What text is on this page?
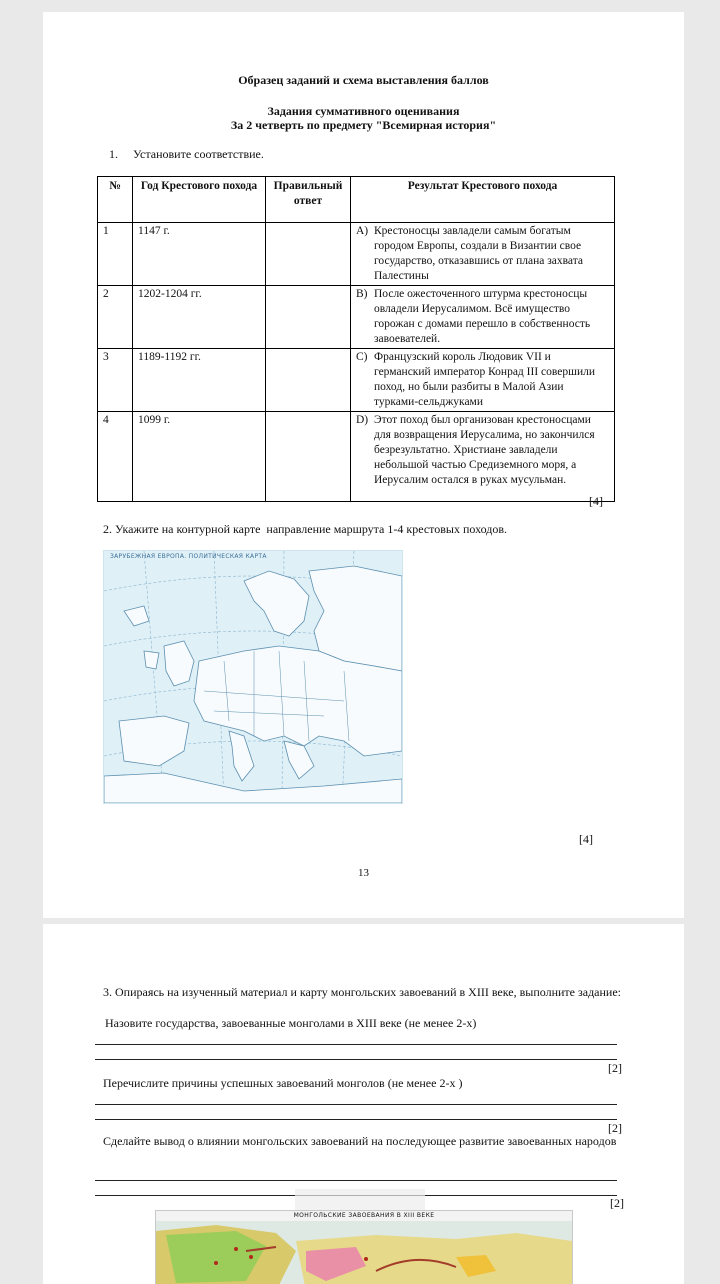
Образец заданий и схема выставления баллов
Задания суммативного оценивания
За 2 четверть по предмету "Всемирная история"
1.     Установите соответствие.
№	Год Крестового похода	Правильный ответ	Результат Крестового похода
1	1147 г.		A) Крестоносцы завладели самым богатым городом Европы, создали в Византии свое государство, отказавшись от плана захвата Палестины

2	1202-1204 гг.		B) После ожесточенного штурма крестоносцы овладели Иерусалимом. Всё имущество горожан с домами перешло в собственность завоевателей.

3	1189-1192 гг.		C) Французский король Людовик VII и германский император Конрад III совершили поход, но были разбиты в Малой Азии турками-сельджуками

4	1099 г.		D) Этот поход был организован крестоносцами для возвращения Иерусалима, но закончился безрезультатно. Христиане завладели небольшой частью Средиземного моря, а Иерусалим остался в руках мусульман.
[4]
2. Укажите на контурной карте  направление маршрута 1-4 крестовых походов.
ЗАРУБЕЖНАЯ ЕВРОПА. ПОЛИТИЧЕСКАЯ КАРТА
[4]
13
3. Опираясь на изученный материал и карту монгольских завоеваний в XIII веке, выполните задание:
Назовите государства, завоеванные монголами в XIII веке (не менее 2-х)
[2]
Перечислите причины успешных завоеваний монголов (не менее 2-х )
[2]
Сделайте вывод о влиянии монгольских завоеваний на последующее развитие завоеванных народов
[2]
МОНГОЛЬСКИЕ ЗАВОЕВАНИЯ В XIII ВЕКЕ
